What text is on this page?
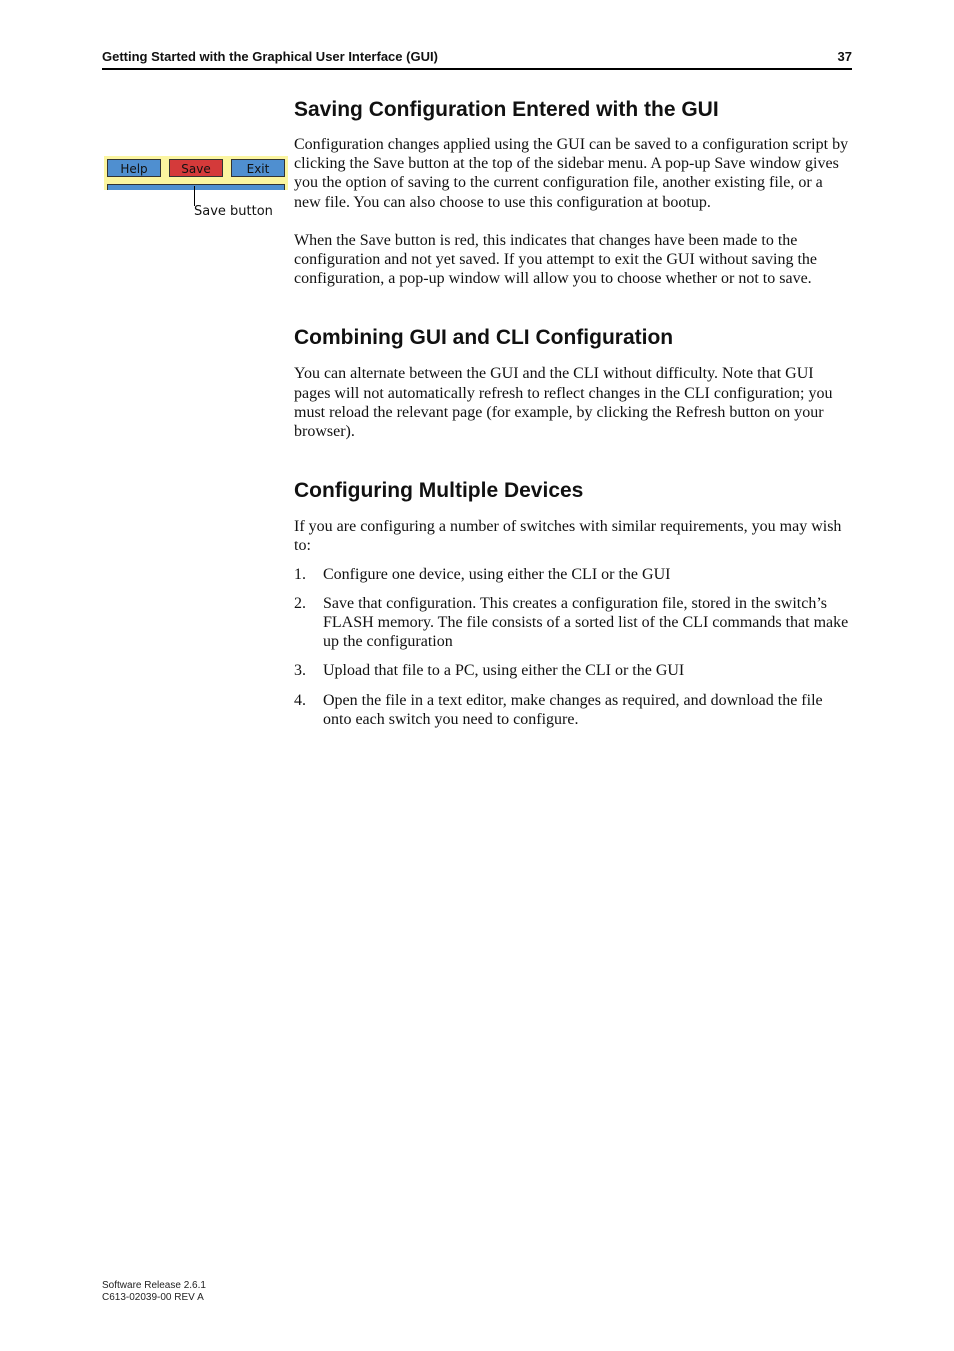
Getting Started with the Graphical User Interface (GUI)	37
Help	Save	Exit
Save button
Saving Configuration Entered with the GUI

Configuration changes applied using the GUI can be saved to a configuration script by clicking the Save button at the top of the sidebar menu. A pop-up Save window gives you the option of saving to the current configuration file, another existing file, or a new file. You can also choose to use this configuration at bootup.

When the Save button is red, this indicates that changes have been made to the configuration and not yet saved. If you attempt to exit the GUI without saving the configuration, a pop-up window will allow you to choose whether or not to save.

Combining GUI and CLI Configuration

You can alternate between the GUI and the CLI without difficulty. Note that GUI pages will not automatically refresh to reflect changes in the CLI configuration; you must reload the relevant page (for example, by clicking the Refresh button on your browser).

Configuring Multiple Devices

If you are configuring a number of switches with similar requirements, you may wish to:

1. Configure one device, using either the CLI or the GUI
2. Save that configuration. This creates a configuration file, stored in the switch’s FLASH memory. The file consists of a sorted list of the CLI commands that make up the configuration
3. Upload that file to a PC, using either the CLI or the GUI
4. Open the file in a text editor, make changes as required, and download the file onto each switch you need to configure.
Software Release 2.6.1
C613-02039-00 REV A
